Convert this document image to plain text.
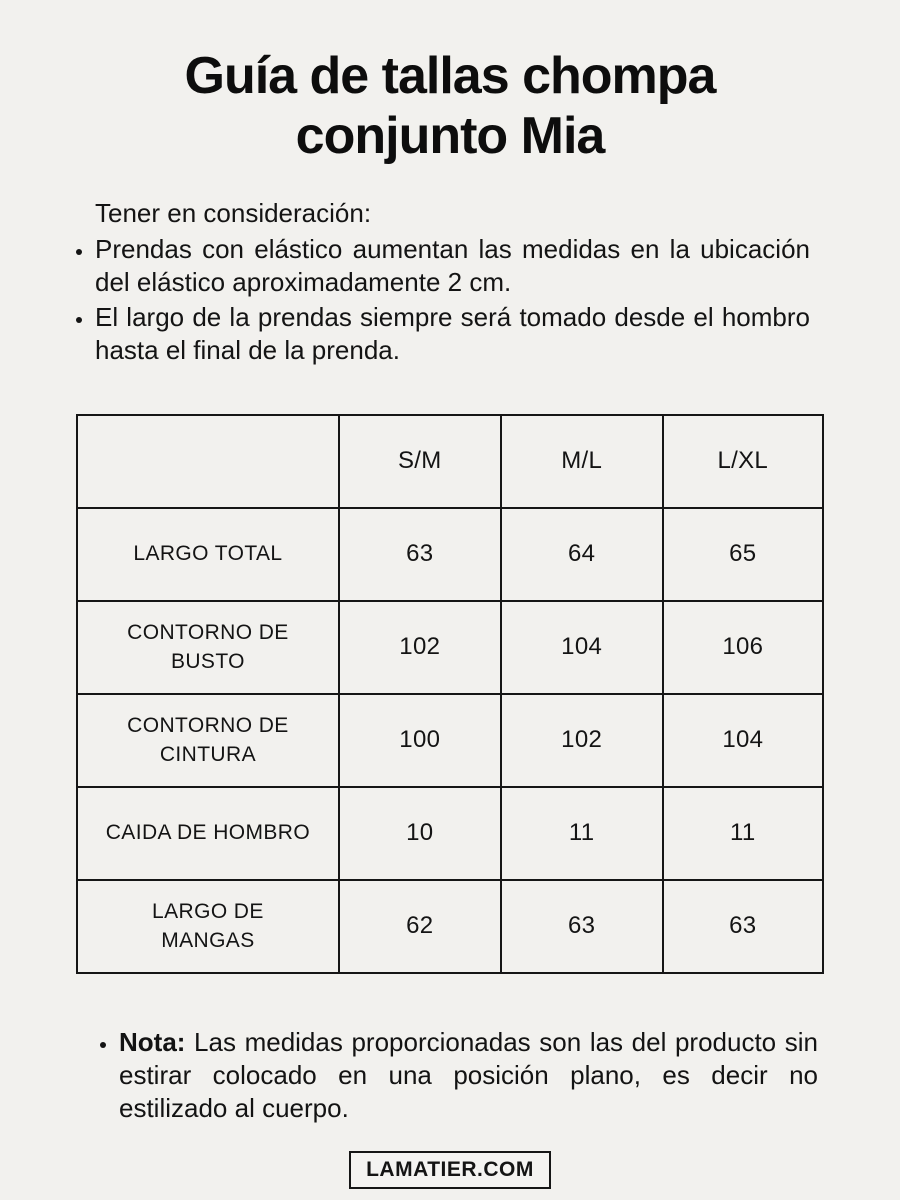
Guía de tallas chompa
conjunto Mia

Tener en consideración:

• Prendas con elástico aumentan las medidas en la ubicación del elástico aproximadamente 2 cm.
• El largo de la prendas siempre será tomado desde el hombro hasta el final de la prenda.
	S/M	M/L	L/XL
LARGO TOTAL	63	64	65
CONTORNO DE BUSTO	102	104	106
CONTORNO DE CINTURA	100	102	104
CAIDA DE HOMBRO	10	11	11
LARGO DE MANGAS	62	63	63
• Nota: Las medidas proporcionadas son las del producto sin estirar colocado en una posición plano, es decir no estilizado al cuerpo.
LAMATIER.COM
